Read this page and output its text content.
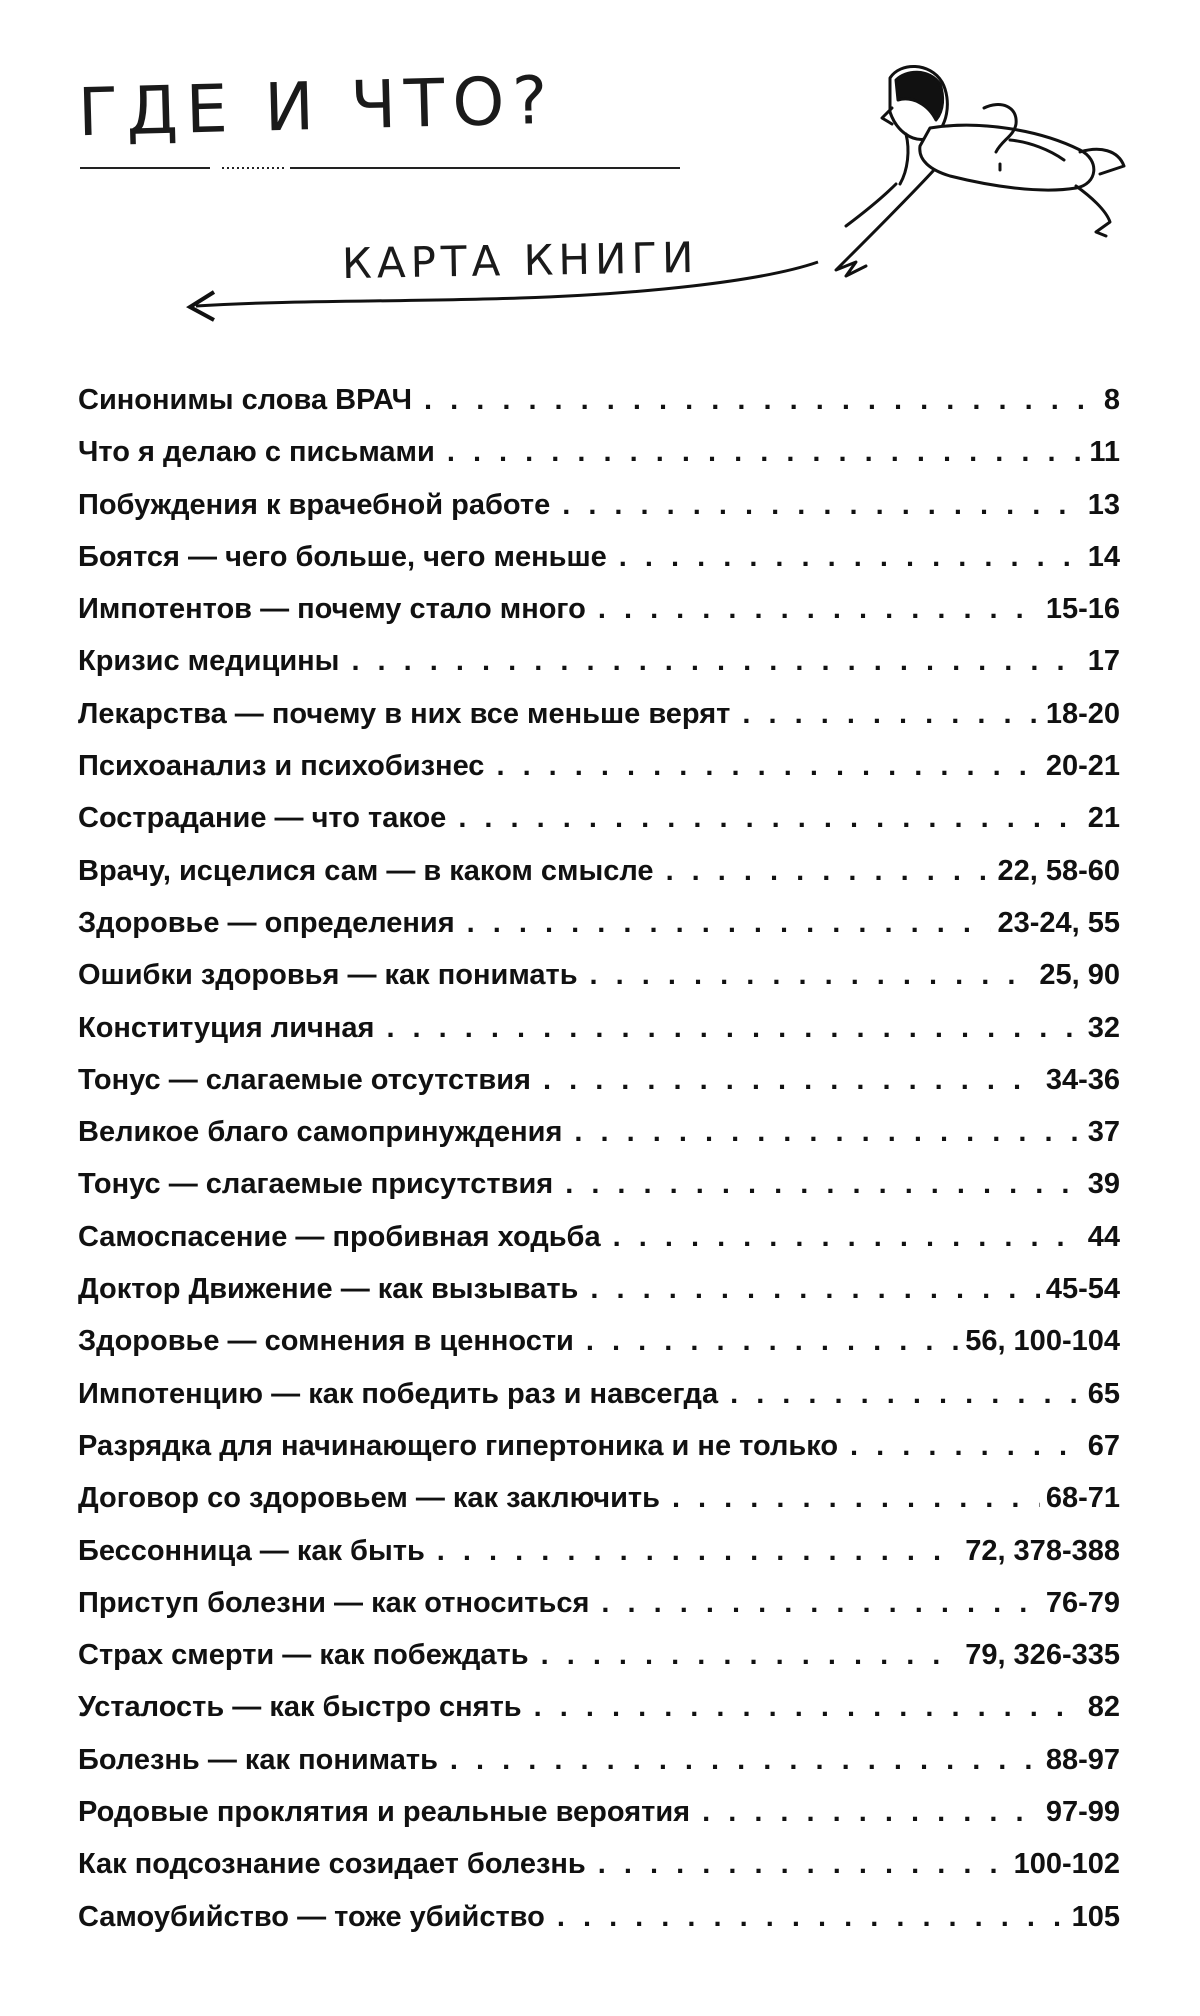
ГДЕ И ЧТО?
КАРТА КНИГИ
Синонимы слова ВРАЧ . . .	8
Что я делаю с письмами . . .	11
Побуждения к врачебной работе . . .	13
Боятся — чего больше, чего меньше . . .	14
Импотентов — почему стало много . . .	15-16
Кризис медицины . . .	17
Лекарства — почему в них все меньше верят . . .	18-20
Психоанализ и психобизнес . . .	20-21
Сострадание — что такое . . .	21
Врачу, исцелися сам — в каком смысле . . .	22, 58-60
Здоровье — определения . . .	23-24, 55
Ошибки здоровья — как понимать . . .	25, 90
Конституция личная . . .	32
Тонус — слагаемые отсутствия . . .	34-36
Великое благо самопринуждения . . .	37
Тонус — слагаемые присутствия . . .	39
Самоспасение — пробивная ходьба . . .	44
Доктор Движение — как вызывать . . .	45-54
Здоровье — сомнения в ценности . . .	56, 100-104
Импотенцию — как победить раз и навсегда . . .	65
Разрядка для начинающего гипертоника и не только . . .	67
Договор со здоровьем — как заключить . . .	68-71
Бессонница — как быть . . .	72, 378-388
Приступ болезни — как относиться . . .	76-79
Страх смерти — как побеждать . . .	79, 326-335
Усталость — как быстро снять . . .	82
Болезнь — как понимать . . .	88-97
Родовые проклятия и реальные вероятия . . .	97-99
Как подсознание созидает болезнь . . .	100-102
Самоубийство — тоже убийство . . .	105
